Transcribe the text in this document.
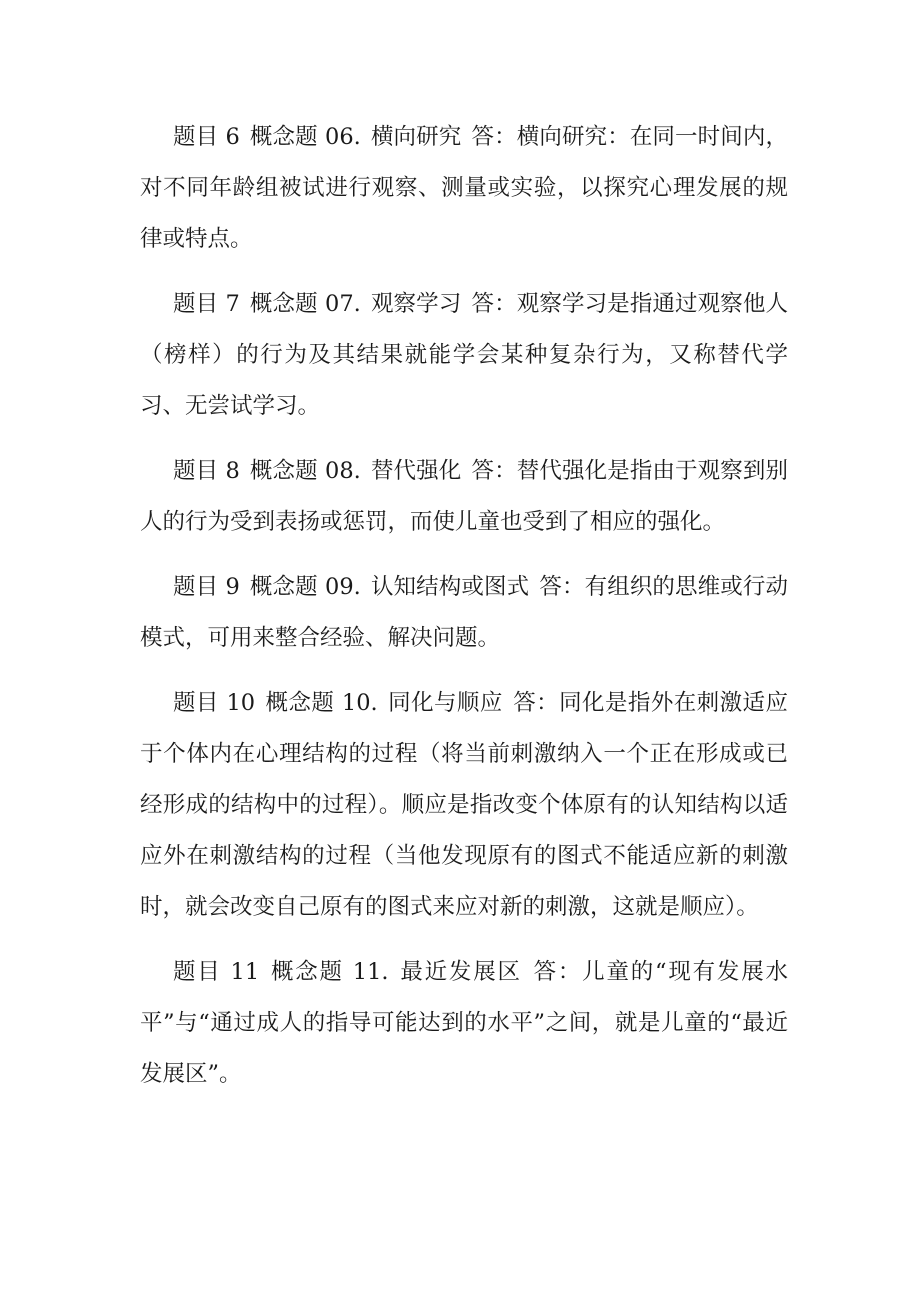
题目 6 概念题 06. 横向研究 答：横向研究：在同一时间内，对不同年龄组被试进行观察、测量或实验，以探究心理发展的规律或特点。

题目 7 概念题 07. 观察学习 答：观察学习是指通过观察他人（榜样）的行为及其结果就能学会某种复杂行为，又称替代学习、无尝试学习。

题目 8 概念题 08. 替代强化 答：替代强化是指由于观察到别人的行为受到表扬或惩罚，而使儿童也受到了相应的强化。

题目 9 概念题 09. 认知结构或图式 答：有组织的思维或行动模式，可用来整合经验、解决问题。

题目 10 概念题 10. 同化与顺应 答：同化是指外在刺激适应于个体内在心理结构的过程（将当前刺激纳入一个正在形成或已经形成的结构中的过程）。顺应是指改变个体原有的认知结构以适应外在刺激结构的过程（当他发现原有的图式不能适应新的刺激时，就会改变自己原有的图式来应对新的刺激，这就是顺应）。

题目 11 概念题 11. 最近发展区 答：儿童的“现有发展水平”与“通过成人的指导可能达到的水平”之间，就是儿童的“最近发展区”。
